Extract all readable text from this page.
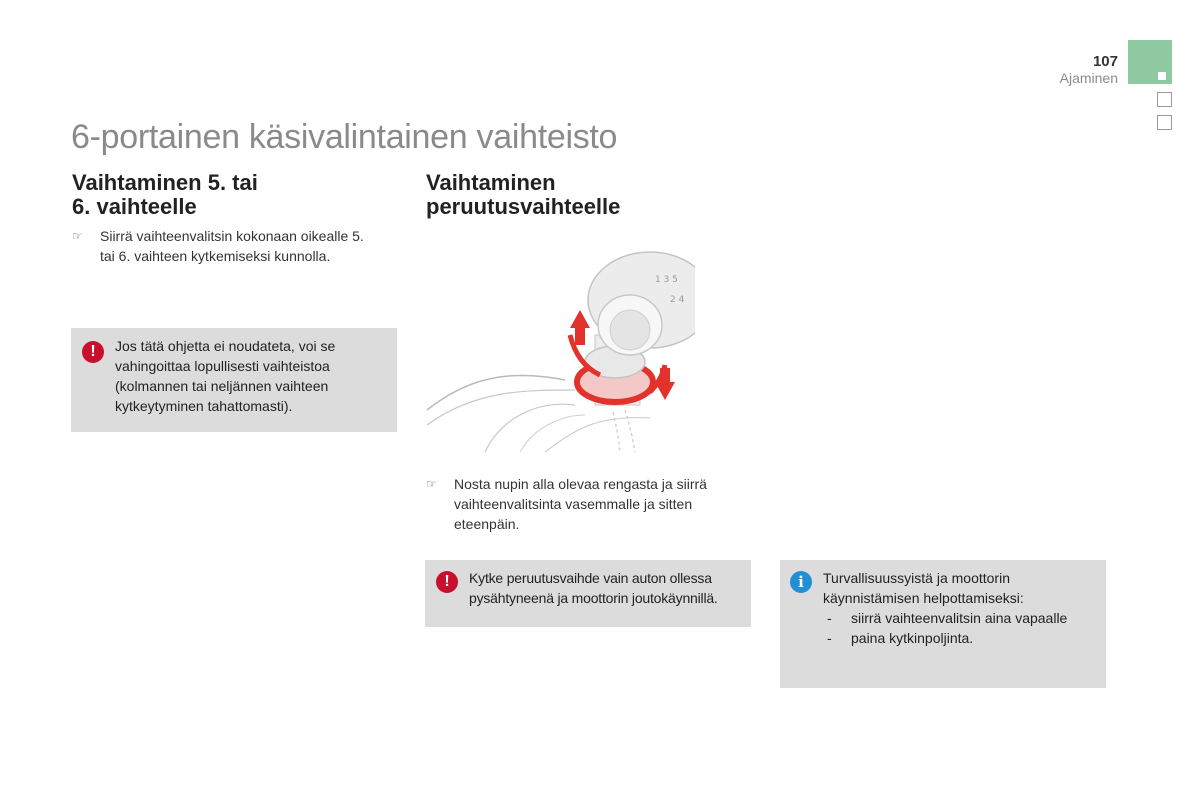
107
Ajaminen
6-portainen käsivalintainen vaihteisto
Vaihtaminen 5. tai
6. vaihteelle
☞	Siirrä vaihteenvalitsin kokonaan oikealle 5. tai 6. vaihteen kytkemiseksi kunnolla.
!	Jos tätä ohjetta ei noudateta, voi se vahingoittaa lopullisesti vaihteistoa (kolmannen tai neljännen vaihteen kytkeytyminen tahattomasti).
Vaihtaminen
peruutusvaihteelle
1 3 5
2 4
☞	Nosta nupin alla olevaa rengasta ja siirrä vaihteenvalitsinta vasemmalle ja sitten eteenpäin.
!	Kytke peruutusvaihde vain auton ollessa pysähtyneenä ja moottorin joutokäynnillä.
i	Turvallisuussyistä ja moottorin käynnistämisen helpottamiseksi:
- siirrä vaihteenvalitsin aina vapaalle
- paina kytkinpoljinta.
